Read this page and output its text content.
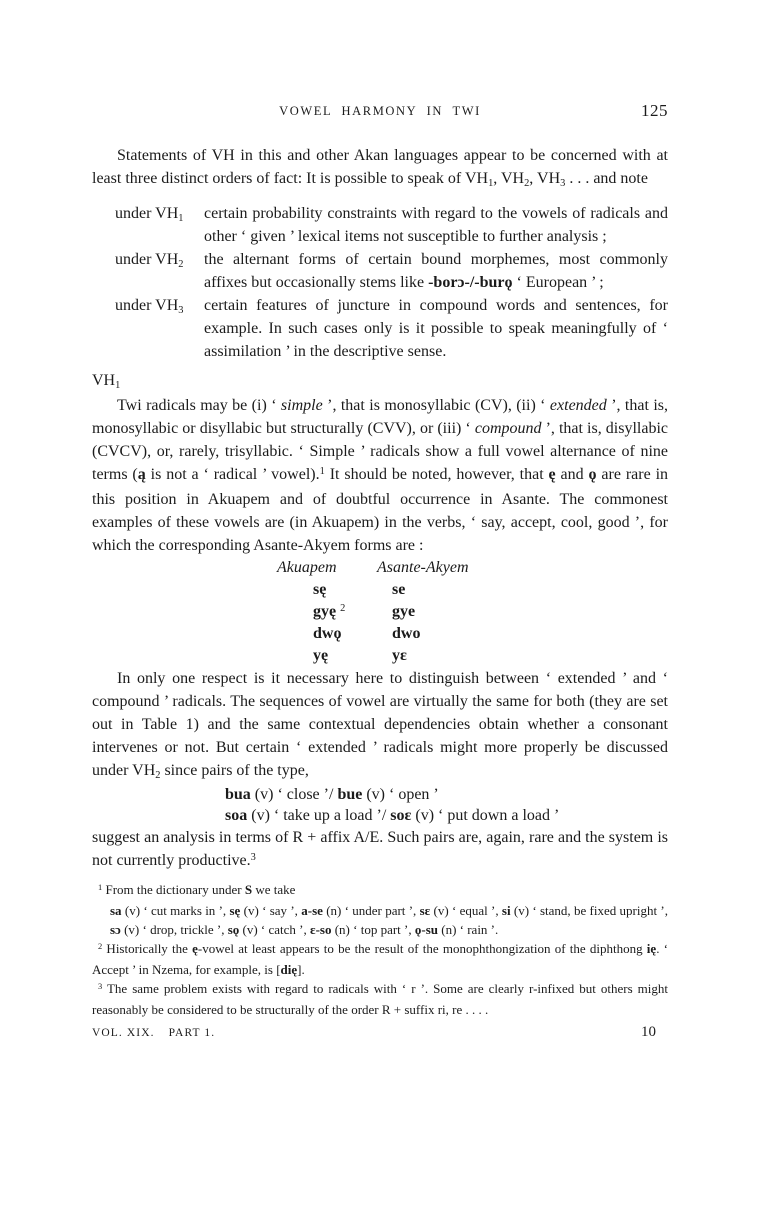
VOWEL HARMONY IN TWI	125

Statements of VH in this and other Akan languages appear to be concerned with at least three distinct orders of fact: It is possible to speak of VH1, VH2, VH3 . . . and note

under VH1	certain probability constraints with regard to the vowels of radicals and other ‘ given ’ lexical items not susceptible to further analysis ;
under VH2	the alternant forms of certain bound morphemes, most commonly affixes but occasionally stems like -borɔ-/-burǫ ‘ European ’ ;
under VH3	certain features of juncture in compound words and sentences, for example. In such cases only is it possible to speak meaningfully of ‘ assimilation ’ in the descriptive sense.
VH1

Twi radicals may be (i) ‘ simple ’, that is monosyllabic (CV), (ii) ‘ extended ’, that is, monosyllabic or disyllabic but structurally (CVV), or (iii) ‘ compound ’, that is, disyllabic (CVCV), or, rarely, trisyllabic. ‘ Simple ’ radicals show a full vowel alternance of nine terms (ą is not a ‘ radical ’ vowel).$^1$ It should be noted, however, that ę and ǫ are rare in this position in Akuapem and of doubtful occurrence in Asante. The commonest examples of these vowels are (in Akuapem) in the verbs, ‘ say, accept, cool, good ’, for which the corresponding Asante-Akyem forms are :

Akuapem	Asante-Akyem
sę	se
gyę $^2$	gye
dwǫ	dwo
yę	yɛ

In only one respect is it necessary here to distinguish between ‘ extended ’ and ‘ compound ’ radicals. The sequences of vowel are virtually the same for both (they are set out in Table 1) and the same contextual dependencies obtain whether a consonant intervenes or not. But certain ‘ extended ’ radicals might more properly be discussed under VH2 since pairs of the type,

bua (v) ‘ close ’/ bue (v) ‘ open ’
soa (v) ‘ take up a load ’/ soɛ (v) ‘ put down a load ’

suggest an analysis in terms of R + affix A/E. Such pairs are, again, rare and the system is not currently productive.$^3$

$^1$ From the dictionary under S we take

sa (v) ‘ cut marks in ’, sę (v) ‘ say ’, a-se (n) ‘ under part ’, sɛ (v) ‘ equal ’, si (v) ‘ stand, be fixed upright ’, sɔ (v) ‘ drop, trickle ’, sǫ (v) ‘ catch ’, ɛ-so (n) ‘ top part ’, ǫ-su (n) ‘ rain ’.

$^2$ Historically the ę-vowel at least appears to be the result of the monophthongization of the diphthong ię. ‘ Accept ’ in Nzema, for example, is [dię].

$^3$ The same problem exists with regard to radicals with ‘ r ’. Some are clearly r-infixed but others might reasonably be considered to be structurally of the order R + suffix ri, re . . . .

VOL. XIX. PART 1.	10
